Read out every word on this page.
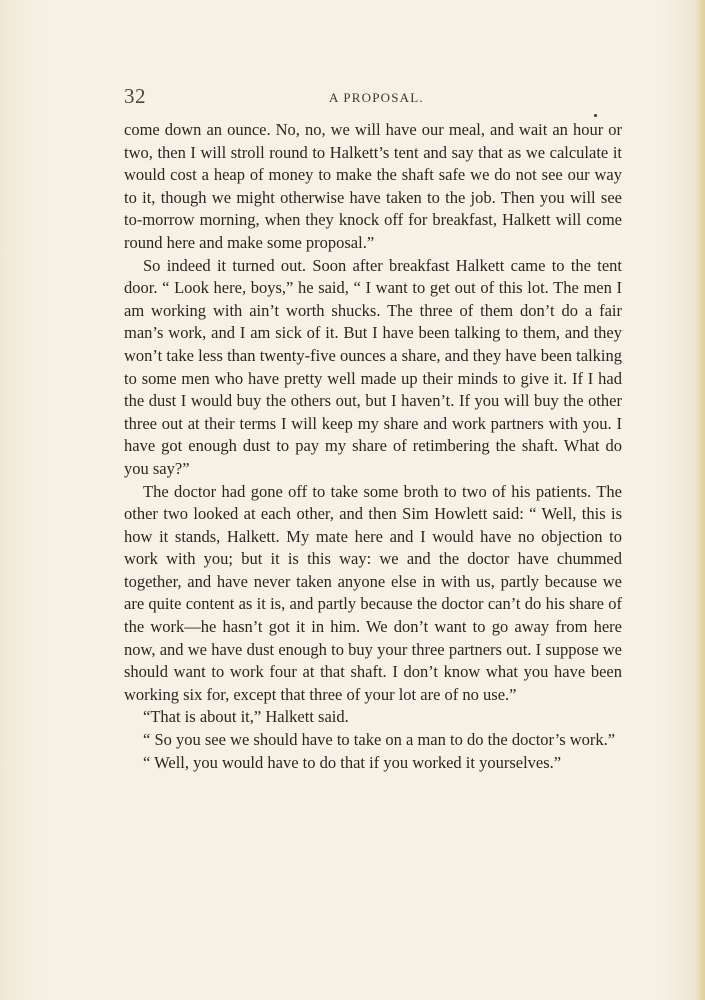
32	A PROPOSAL.

come down an ounce. No, no, we will have our meal, and wait an hour or two, then I will stroll round to Halkett’s tent and say that as we calculate it would cost a heap of money to make the shaft safe we do not see our way to it, though we might otherwise have taken to the job. Then you will see to-morrow morning, when they knock off for breakfast, Halkett will come round here and make some proposal.”

So indeed it turned out. Soon after breakfast Halkett came to the tent door. “ Look here, boys,” he said, “ I want to get out of this lot. The men I am working with ain’t worth shucks. The three of them don’t do a fair man’s work, and I am sick of it. But I have been talking to them, and they won’t take less than twenty-five ounces a share, and they have been talking to some men who have pretty well made up their minds to give it. If I had the dust I would buy the others out, but I haven’t. If you will buy the other three out at their terms I will keep my share and work partners with you. I have got enough dust to pay my share of retimbering the shaft. What do you say?”

The doctor had gone off to take some broth to two of his patients. The other two looked at each other, and then Sim Howlett said: “ Well, this is how it stands, Halkett. My mate here and I would have no objection to work with you; but it is this way: we and the doctor have chummed together, and have never taken anyone else in with us, partly because we are quite content as it is, and partly because the doctor can’t do his share of the work—he hasn’t got it in him. We don’t want to go away from here now, and we have dust enough to buy your three partners out. I suppose we should want to work four at that shaft. I don’t know what you have been working six for, except that three of your lot are of no use.”

“That is about it,” Halkett said.

“ So you see we should have to take on a man to do the doctor’s work.”

“ Well, you would have to do that if you worked it yourselves.”
